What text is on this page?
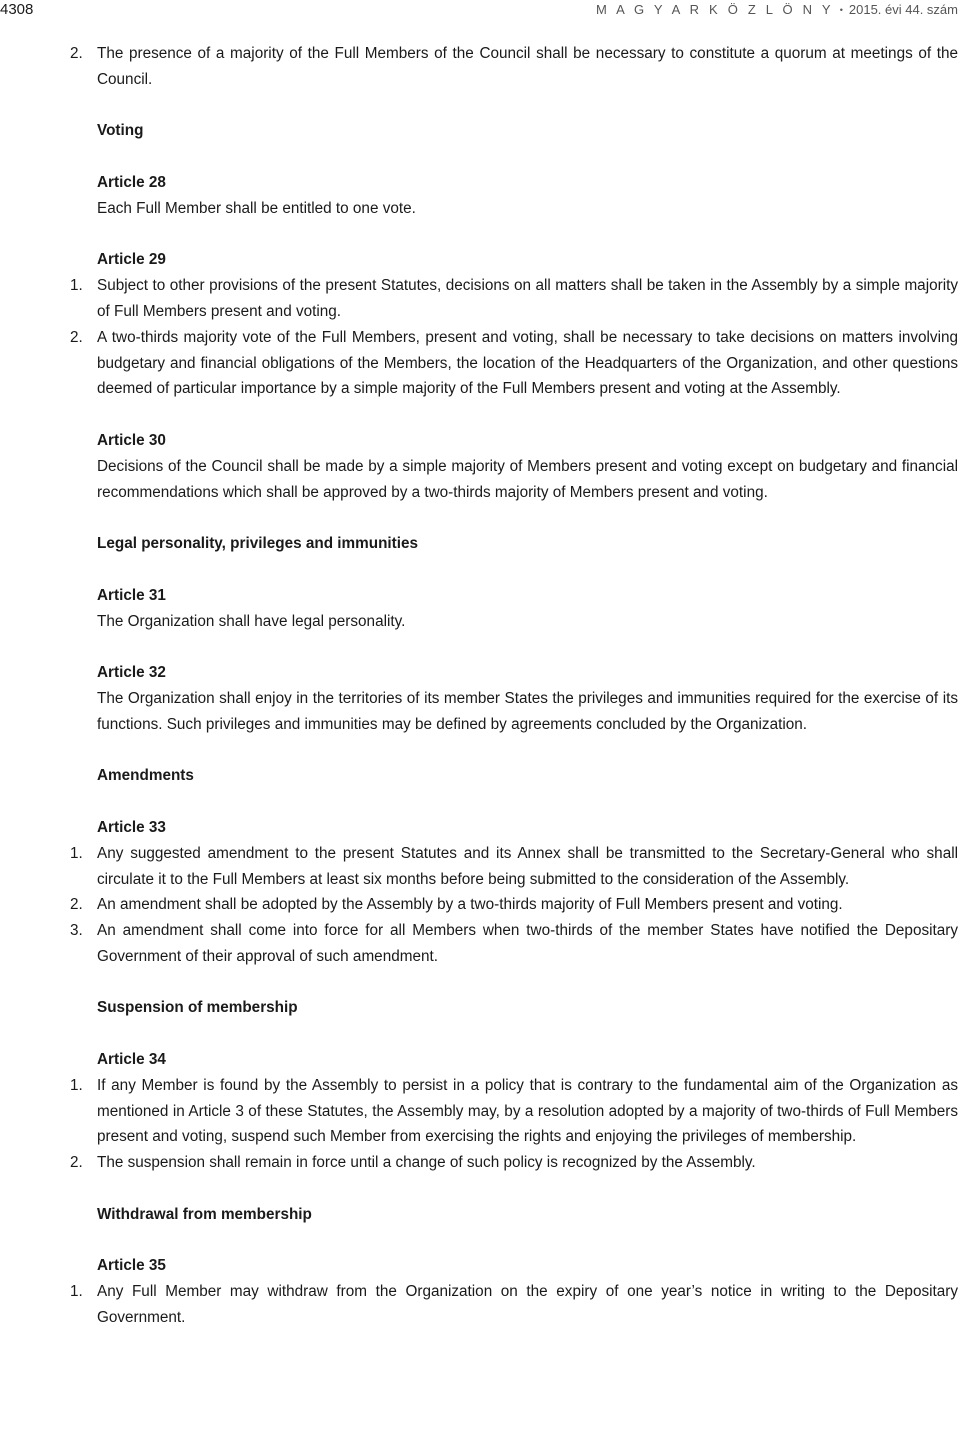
4308	M A G Y A R K Ö Z L Ö N Y • 2015. évi 44. szám
2. The presence of a majority of the Full Members of the Council shall be necessary to constitute a quorum at meetings of the Council.
Voting
Article 28
Each Full Member shall be entitled to one vote.
Article 29
1. Subject to other provisions of the present Statutes, decisions on all matters shall be taken in the Assembly by a simple majority of Full Members present and voting.
2. A two-thirds majority vote of the Full Members, present and voting, shall be necessary to take decisions on matters involving budgetary and financial obligations of the Members, the location of the Headquarters of the Organization, and other questions deemed of particular importance by a simple majority of the Full Members present and voting at the Assembly.
Article 30
Decisions of the Council shall be made by a simple majority of Members present and voting except on budgetary and financial recommendations which shall be approved by a two-thirds majority of Members present and voting.
Legal personality, privileges and immunities
Article 31
The Organization shall have legal personality.
Article 32
The Organization shall enjoy in the territories of its member States the privileges and immunities required for the exercise of its functions. Such privileges and immunities may be defined by agreements concluded by the Organization.
Amendments
Article 33
1. Any suggested amendment to the present Statutes and its Annex shall be transmitted to the Secretary-General who shall circulate it to the Full Members at least six months before being submitted to the consideration of the Assembly.
2. An amendment shall be adopted by the Assembly by a two-thirds majority of Full Members present and voting.
3. An amendment shall come into force for all Members when two-thirds of the member States have notified the Depositary Government of their approval of such amendment.
Suspension of membership
Article 34
1. If any Member is found by the Assembly to persist in a policy that is contrary to the fundamental aim of the Organization as mentioned in Article 3 of these Statutes, the Assembly may, by a resolution adopted by a majority of two-thirds of Full Members present and voting, suspend such Member from exercising the rights and enjoying the privileges of membership.
2. The suspension shall remain in force until a change of such policy is recognized by the Assembly.
Withdrawal from membership
Article 35
1. Any Full Member may withdraw from the Organization on the expiry of one year’s notice in writing to the Depositary Government.
